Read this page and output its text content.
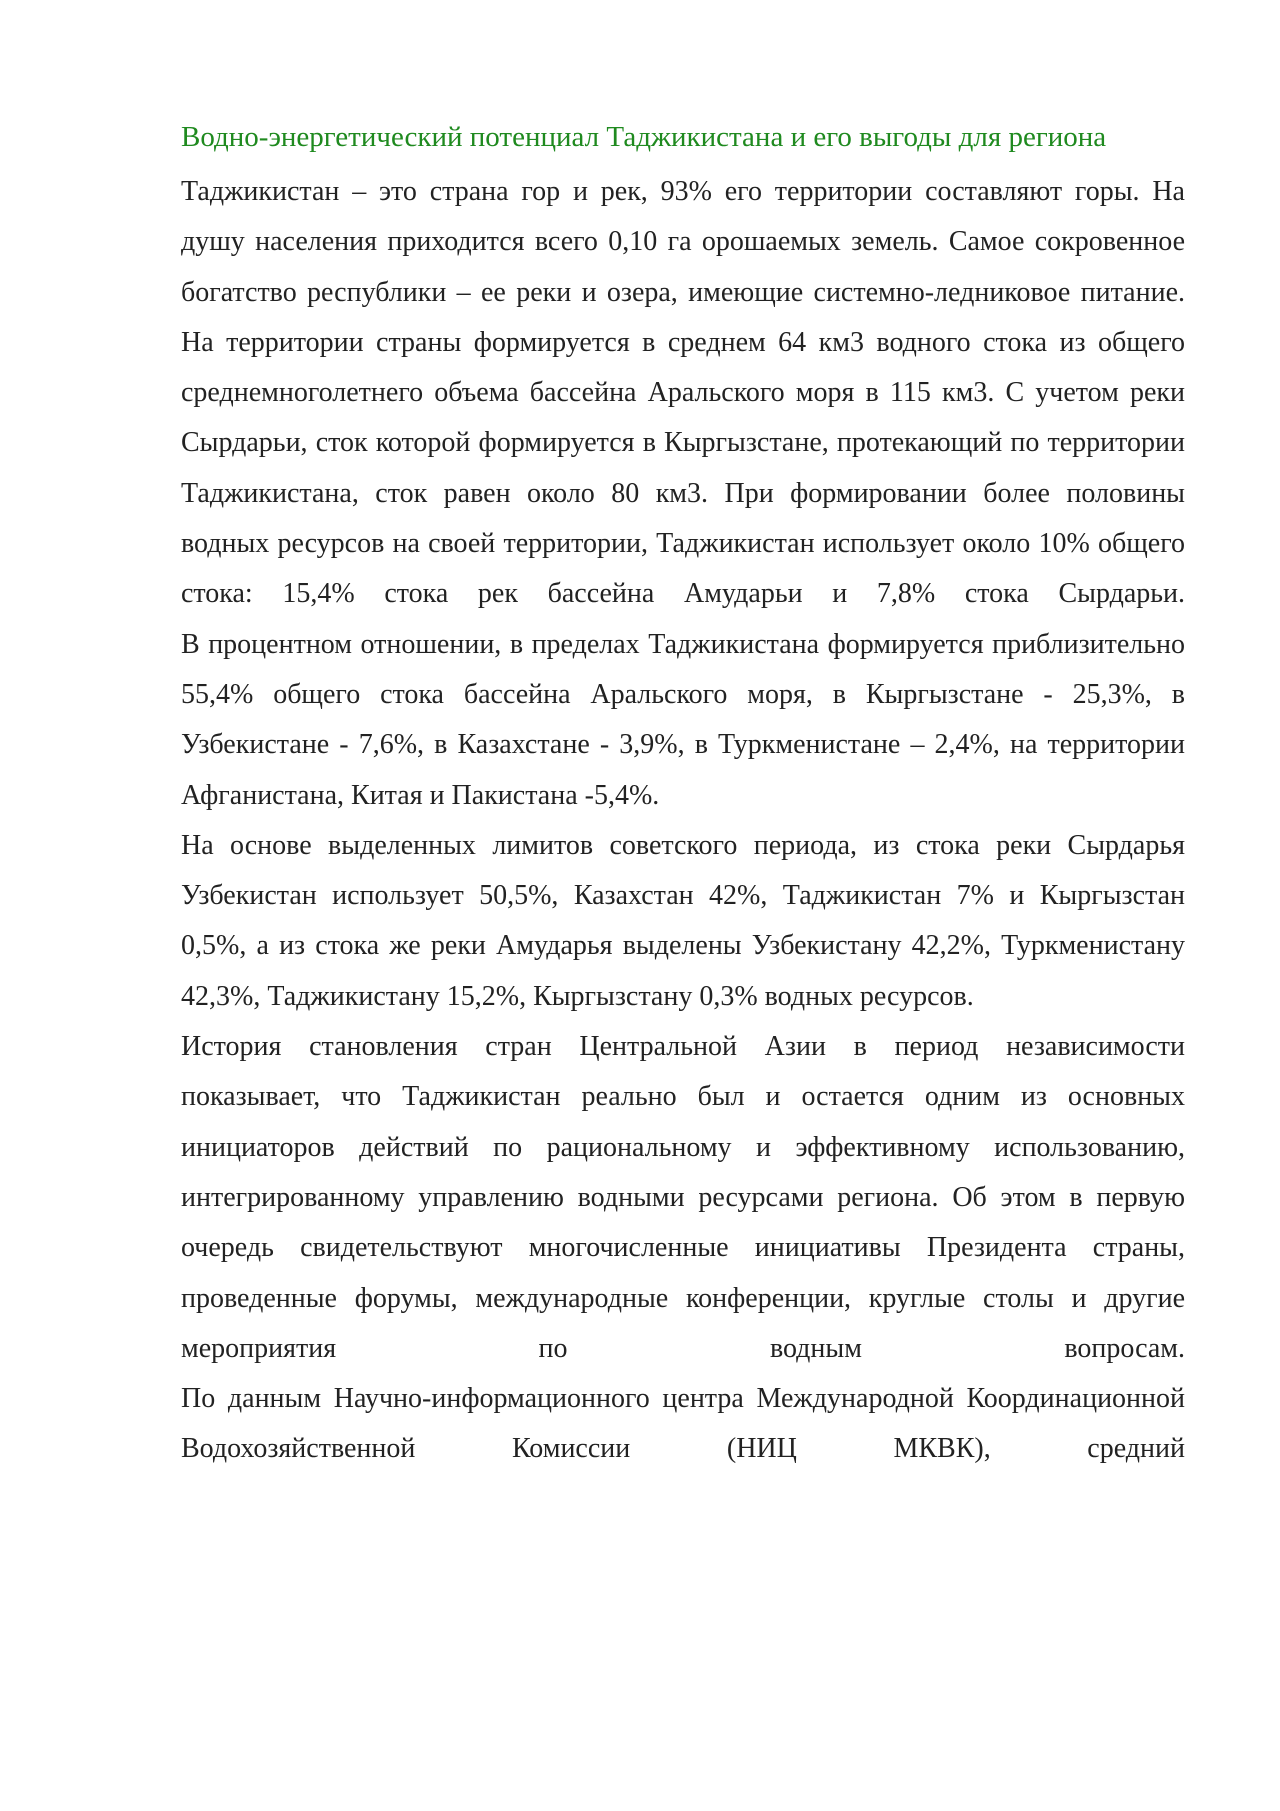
Водно-энергетический потенциал Таджикистана и его выгоды для региона

Таджикистан – это страна гор и рек, 93% его территории составляют горы. На душу населения приходится всего 0,10 га орошаемых земель. Самое сокровенное богатство республики – ее реки и озера, имеющие системно-ледниковое питание.

На территории страны формируется в среднем 64 км3 водного стока из общего среднемноголетнего объема бассейна Аральского моря в 115 км3. С учетом реки Сырдарьи, сток которой формируется в Кыргызстане, протекающий по территории Таджикистана, сток равен около 80 км3. При формировании более половины водных ресурсов на своей территории, Таджикистан использует около 10% общего стока: 15,4% стока рек бассейна Амударьи и 7,8% стока Сырдарьи.

В процентном отношении, в пределах Таджикистана формируется приблизительно 55,4% общего стока бассейна Аральского моря, в Кыргызстане - 25,3%, в Узбекистане - 7,6%, в Казахстане - 3,9%, в Туркменистане – 2,4%, на территории Афганистана, Китая и Пакистана -5,4%.

На основе выделенных лимитов советского периода, из стока реки Сырдарья Узбекистан использует 50,5%, Казахстан 42%, Таджикистан 7% и Кыргызстан 0,5%, а из стока же реки Амударья выделены Узбекистану 42,2%, Туркменистану 42,3%, Таджикистану 15,2%, Кыргызстану 0,3% водных ресурсов.

История становления стран Центральной Азии в период независимости показывает, что Таджикистан реально был и остается одним из основных инициаторов действий по рациональному и эффективному использованию, интегрированному управлению водными ресурсами региона. Об этом в первую очередь свидетельствуют многочисленные инициативы Президента страны, проведенные форумы, международные конференции, круглые столы и другие мероприятия по водным вопросам.

По данным Научно-информационного центра Международной Координационной Водохозяйственной Комиссии (НИЦ МКВК), средний
